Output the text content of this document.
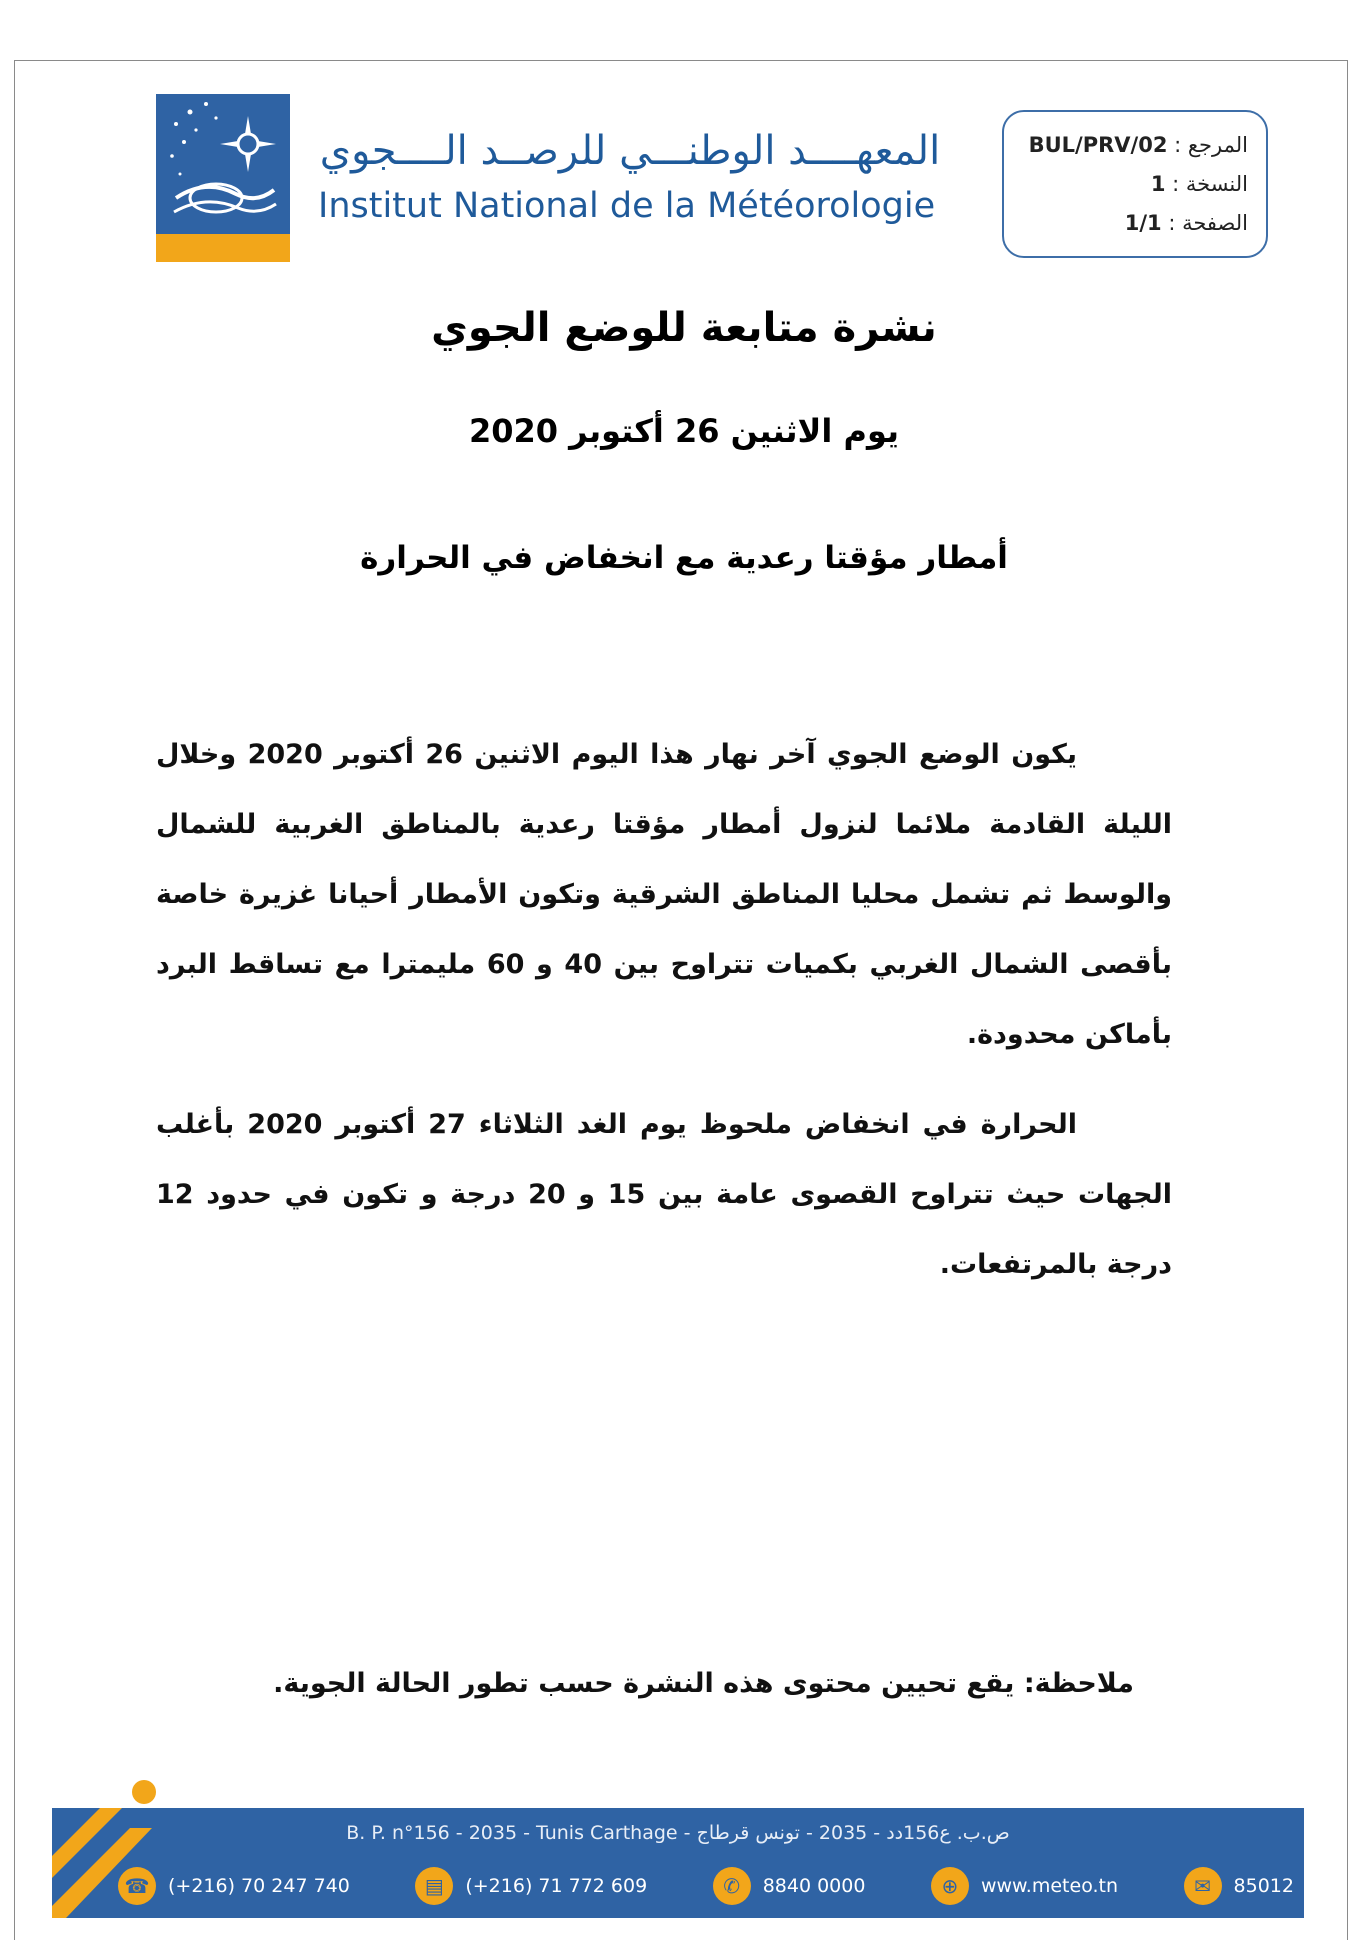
المعهــــد الوطنـــي للرصــد الــــجوي
Institut National de la Météorologie
المرجع : BUL/PRV/02
النسخة : 1
الصفحة : 1/1
نشرة متابعة للوضع الجوي
يوم الاثنين 26 أكتوبر 2020
أمطار مؤقتا رعدية مع انخفاض في الحرارة
يكون الوضع الجوي آخر نهار هذا اليوم الاثنين 26 أكتوبر 2020 وخلال الليلة القادمة ملائما لنزول أمطار مؤقتا رعدية بالمناطق الغربية للشمال والوسط ثم تشمل محليا المناطق الشرقية وتكون الأمطار أحيانا غزيرة خاصة بأقصى الشمال الغربي بكميات تتراوح بين 40 و 60 مليمترا مع تساقط البرد بأماكن محدودة.
الحرارة في انخفاض ملحوظ يوم الغد الثلاثاء 27 أكتوبر 2020 بأغلب الجهات حيث تتراوح القصوى عامة بين 15 و 20 درجة و تكون في حدود 12 درجة بالمرتفعات.
ملاحظة: يقع تحيين محتوى هذه النشرة حسب تطور الحالة الجوية.
B. P. n°156 - 2035 - Tunis Carthage - ص.ب. ع156دد - 2035 - تونس قرطاج
☎ (+216) 70 247 740	▤	(+216) 71 772 609	✆	8840 0000	⊕	www.meteo.tn	✉	85012
